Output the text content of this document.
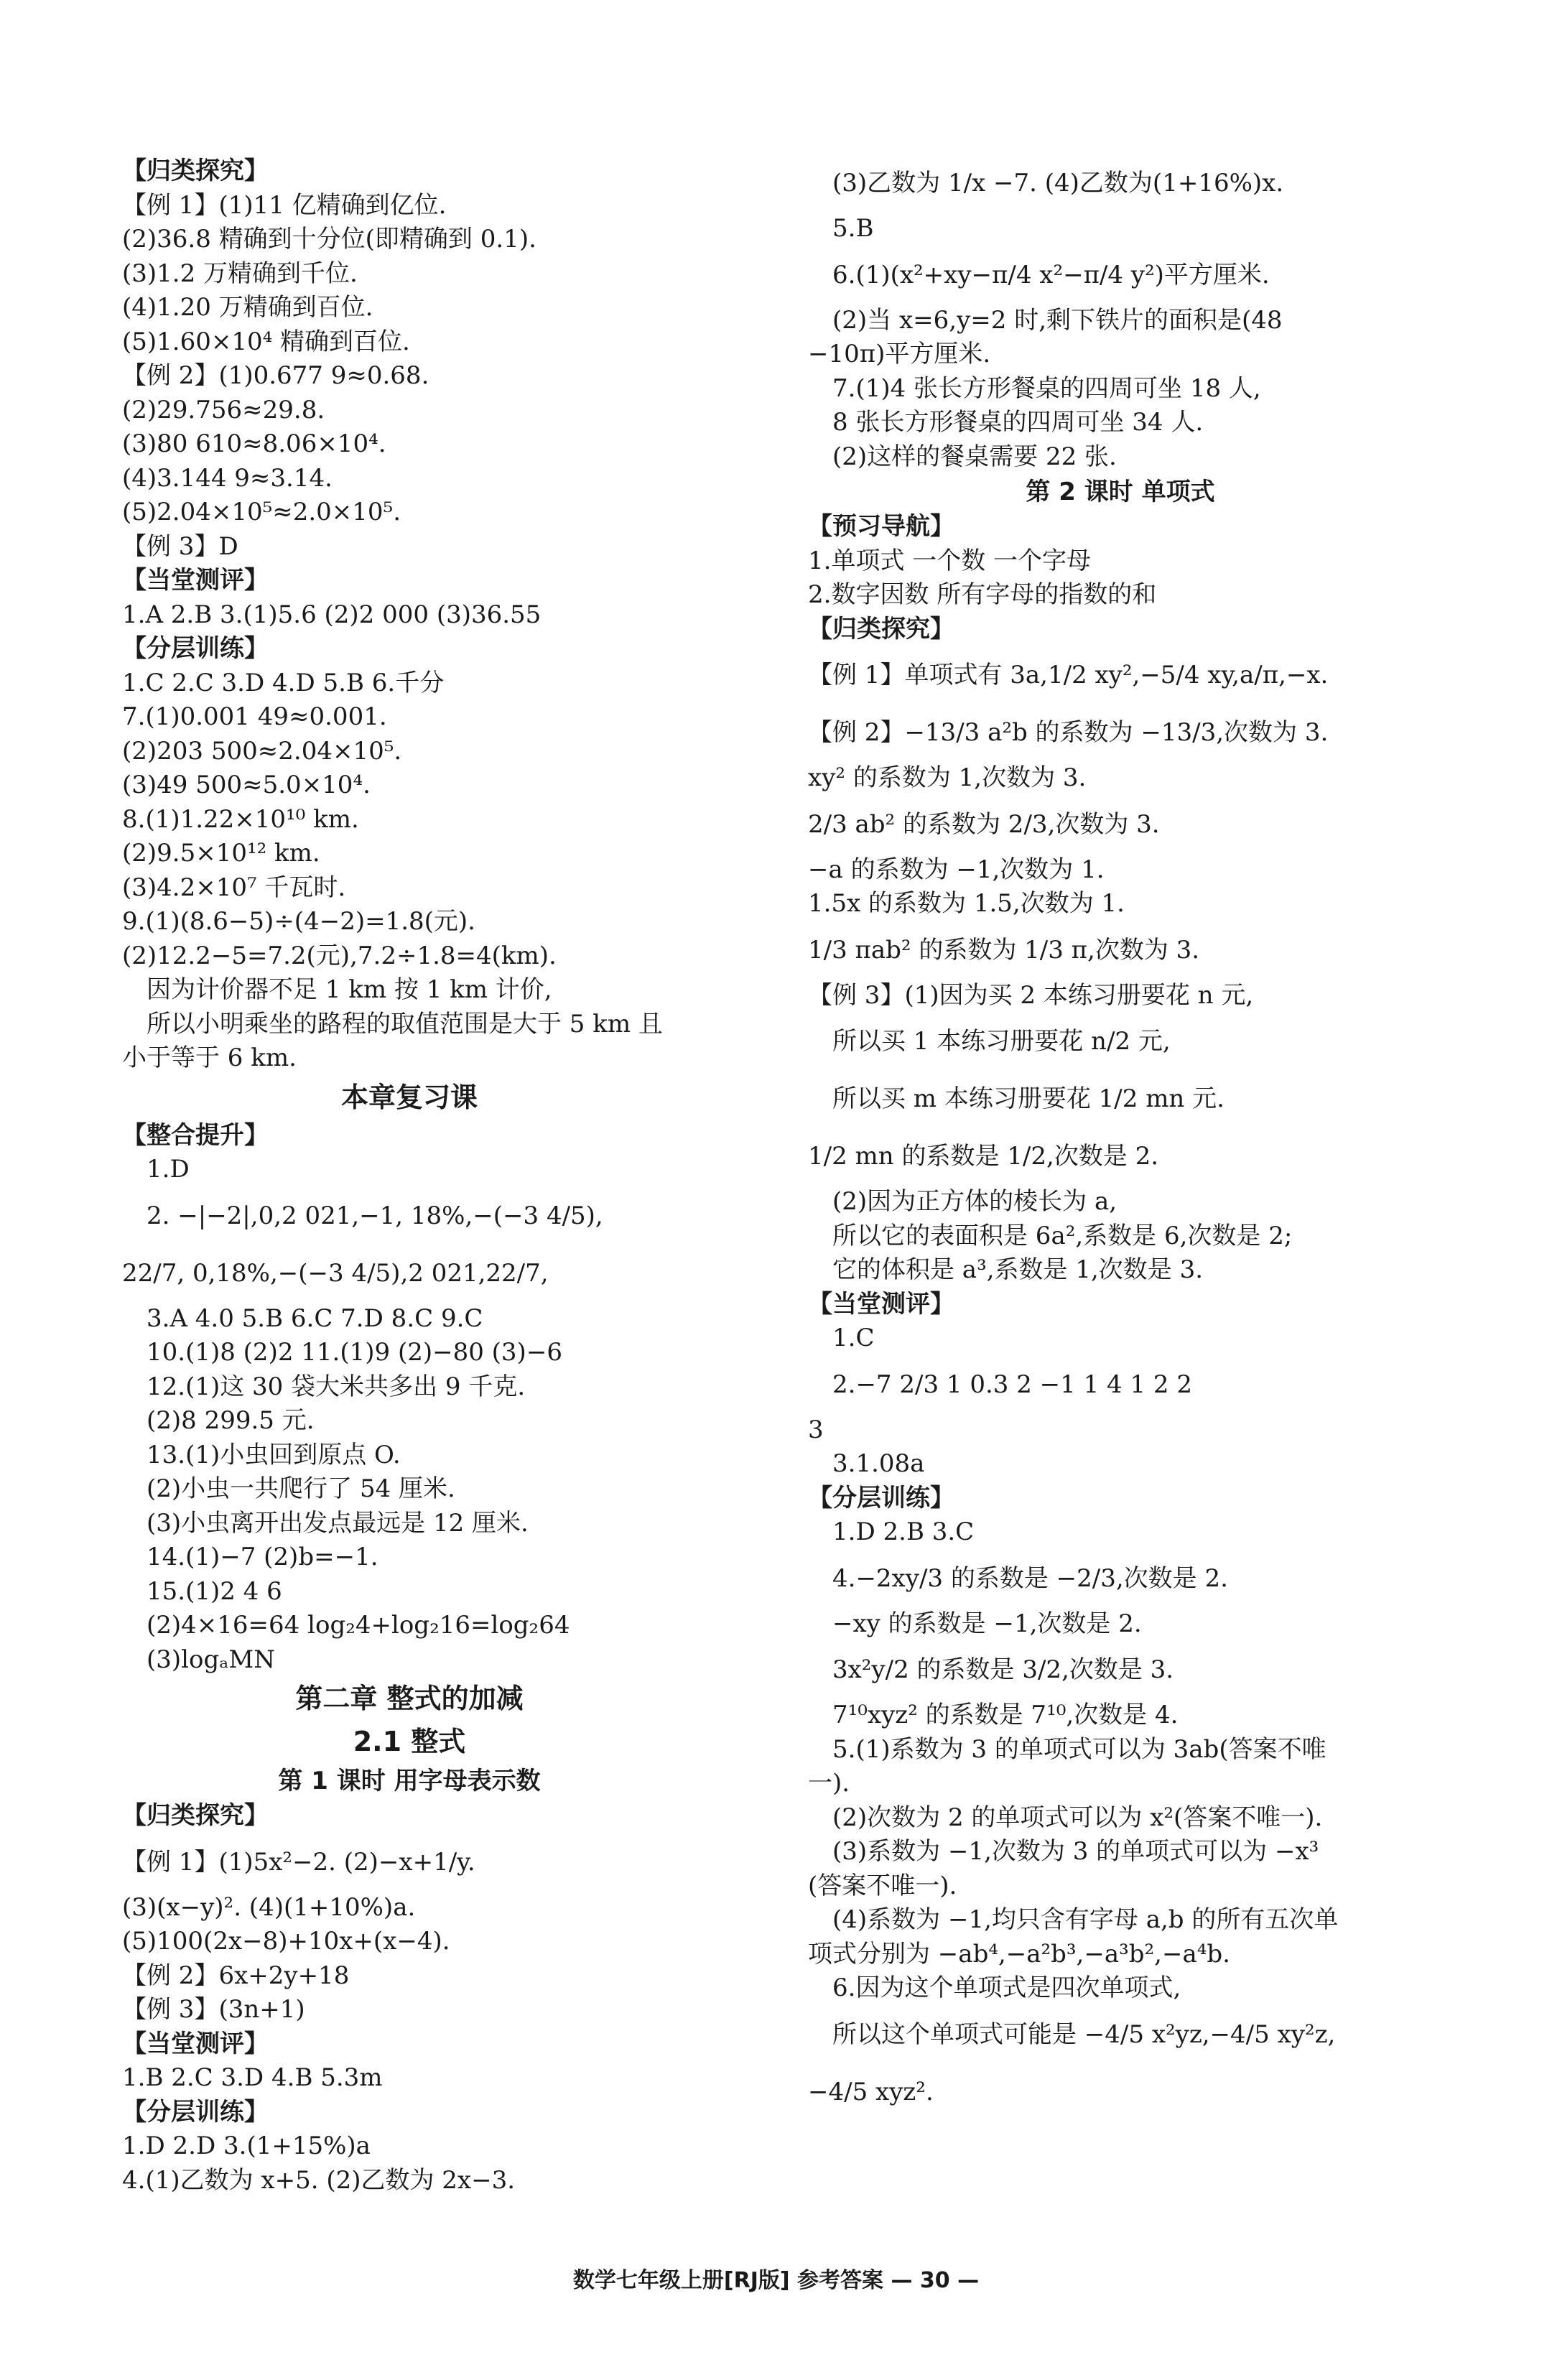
【归类探究】
【例 1】(1)11 亿精确到亿位.
(2)36.8 精确到十分位(即精确到 0.1).
(3)1.2 万精确到千位.
(4)1.20 万精确到百位.
(5)1.60×10⁴ 精确到百位.
【例 2】(1)0.677 9≈0.68.
(2)29.756≈29.8.
(3)80 610≈8.06×10⁴.
(4)3.144 9≈3.14.
(5)2.04×10⁵≈2.0×10⁵.
【例 3】D
【当堂测评】
1.A 2.B 3.(1)5.6 (2)2 000 (3)36.55
【分层训练】
1.C 2.C 3.D 4.D 5.B 6.千分
7.(1)0.001 49≈0.001.
(2)203 500≈2.04×10⁵.
(3)49 500≈5.0×10⁴.
8.(1)1.22×10¹⁰ km.
(2)9.5×10¹² km.
(3)4.2×10⁷ 千瓦时.
9.(1)(8.6−5)÷(4−2)=1.8(元).
(2)12.2−5=7.2(元),7.2÷1.8=4(km).
因为计价器不足 1 km 按 1 km 计价,
所以小明乘坐的路程的取值范围是大于 5 km 且
小于等于 6 km.
本章复习课
【整合提升】
1.D
2. −|−2|,0,2 021,−1, 18%,−(−3 4/5),
22/7, 0,18%,−(−3 4/5),2 021,22/7,
3.A 4.0 5.B 6.C 7.D 8.C 9.C
10.(1)8 (2)2 11.(1)9 (2)−80 (3)−6
12.(1)这 30 袋大米共多出 9 千克.
(2)8 299.5 元.
13.(1)小虫回到原点 O.
(2)小虫一共爬行了 54 厘米.
(3)小虫离开出发点最远是 12 厘米.
14.(1)−7 (2)b=−1.
15.(1)2 4 6
(2)4×16=64 log₂4+log₂16=log₂64
(3)logₐMN
第二章 整式的加减
2.1 整式
第 1 课时 用字母表示数
【归类探究】
【例 1】(1)5x²−2. (2)−x+1/y.
(3)(x−y)². (4)(1+10%)a.
(5)100(2x−8)+10x+(x−4).
【例 2】6x+2y+18
【例 3】(3n+1)
【当堂测评】
1.B 2.C 3.D 4.B 5.3m
【分层训练】
1.D 2.D 3.(1+15%)a
4.(1)乙数为 x+5. (2)乙数为 2x−3.
(3)乙数为 1/x −7. (4)乙数为(1+16%)x.
5.B
6.(1)(x²+xy−π/4 x²−π/4 y²)平方厘米.
(2)当 x=6,y=2 时,剩下铁片的面积是(48
−10π)平方厘米.
7.(1)4 张长方形餐桌的四周可坐 18 人,
8 张长方形餐桌的四周可坐 34 人.
(2)这样的餐桌需要 22 张.
第 2 课时 单项式
【预习导航】
1.单项式 一个数 一个字母
2.数字因数 所有字母的指数的和
【归类探究】
【例 1】单项式有 3a,1/2 xy²,−5/4 xy,a/π,−x.
【例 2】−13/3 a²b 的系数为 −13/3,次数为 3.
xy² 的系数为 1,次数为 3.
2/3 ab² 的系数为 2/3,次数为 3.
−a 的系数为 −1,次数为 1.
1.5x 的系数为 1.5,次数为 1.
1/3 πab² 的系数为 1/3 π,次数为 3.
【例 3】(1)因为买 2 本练习册要花 n 元,
所以买 1 本练习册要花 n/2 元,
所以买 m 本练习册要花 1/2 mn 元.
1/2 mn 的系数是 1/2,次数是 2.
(2)因为正方体的棱长为 a,
所以它的表面积是 6a²,系数是 6,次数是 2;
它的体积是 a³,系数是 1,次数是 3.
【当堂测评】
1.C
2.−7 2/3 1 0.3 2 −1 1 4 1 2 2
3
3.1.08a
【分层训练】
1.D 2.B 3.C
4.−2xy/3 的系数是 −2/3,次数是 2.
−xy 的系数是 −1,次数是 2.
3x²y/2 的系数是 3/2,次数是 3.
7¹⁰xyz² 的系数是 7¹⁰,次数是 4.
5.(1)系数为 3 的单项式可以为 3ab(答案不唯
一).
(2)次数为 2 的单项式可以为 x²(答案不唯一).
(3)系数为 −1,次数为 3 的单项式可以为 −x³
(答案不唯一).
(4)系数为 −1,均只含有字母 a,b 的所有五次单
项式分别为 −ab⁴,−a²b³,−a³b²,−a⁴b.
6.因为这个单项式是四次单项式,
所以这个单项式可能是 −4/5 x²yz,−4/5 xy²z,
−4/5 xyz².
数学七年级上册[RJ版] 参考答案 — 30 —
